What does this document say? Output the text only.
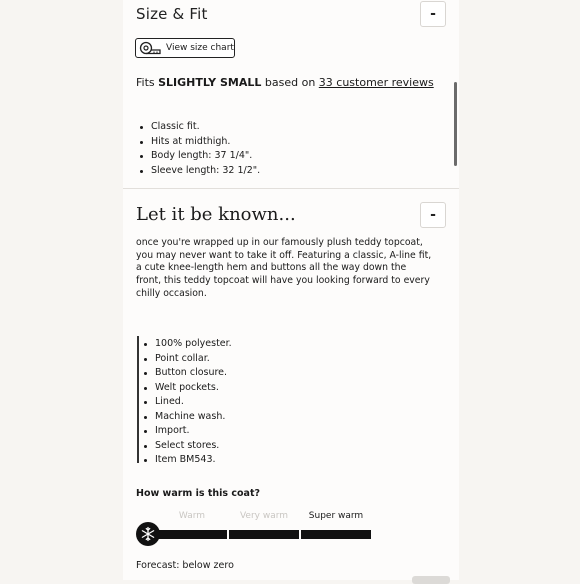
Size & Fit	-
View size chart
Fits SLIGHTLY SMALL based on 33 customer reviews
Classic fit.
Hits at midthigh.
Body length: 37 1/4".
Sleeve length: 32 1/2".
Let it be known...	-
once you're wrapped up in our famously plush teddy topcoat, you may never want to take it off. Featuring a classic, A-line fit, a cute knee-length hem and buttons all the way down the front, this teddy topcoat will have you looking forward to every chilly occasion.
100% polyester.
Point collar.
Button closure.
Welt pockets.
Lined.
Machine wash.
Import.
Select stores.
Item BM543.
How warm is this coat?
Warm	Very warm	Super warm
Forecast: below zero
